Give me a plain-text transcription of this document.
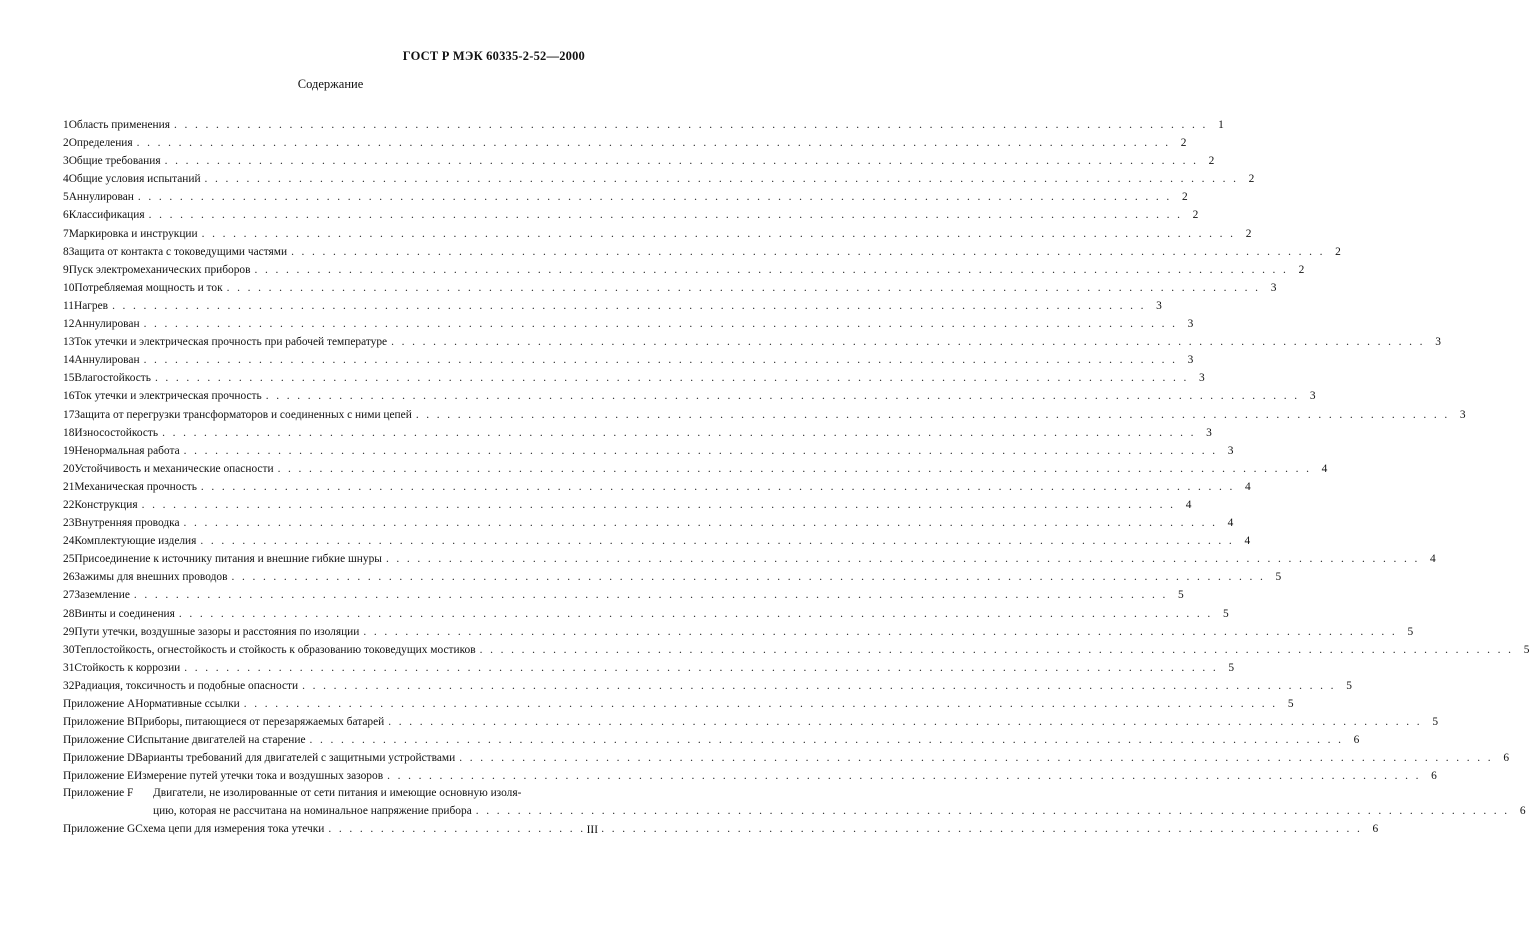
ГОСТ Р МЭК 60335-2-52—2000
Содержание
1 Область применения . . .	1
2 Определения . . .	2
3 Общие требования . . .	2
4 Общие условия испытаний . . .	2
5 Аннулирован . . .	2
6 Классификация . . .	2
7 Маркировка и инструкции . . .	2
8 Защита от контакта с токоведущими частями . . .	2
9 Пуск электромеханических приборов . . .	2
10 Потребляемая мощность и ток . . .	3
11 Нагрев . . .	3
12 Аннулирован . . .	3
13 Ток утечки и электрическая прочность при рабочей температуре . . .	3
14 Аннулирован . . .	3
15 Влагостойкость . . .	3
16 Ток утечки и электрическая прочность . . .	3
17 Защита от перегрузки трансформаторов и соединенных с ними цепей . . .	3
18 Износостойкость . . .	3
19 Ненормальная работа . . .	3
20 Устойчивость и механические опасности . . .	4
21 Механическая прочность . . .	4
22 Конструкция . . .	4
23 Внутренняя проводка . . .	4
24 Комплектующие изделия . . .	4
25 Присоединение к источнику питания и внешние гибкие шнуры . . .	4
26 Зажимы для внешних проводов . . .	5
27 Заземление . . .	5
28 Винты и соединения . . .	5
29 Пути утечки, воздушные зазоры и расстояния по изоляции . . .	5
30 Теплостойкость, огнестойкость и стойкость к образованию токоведущих мостиков . . .	5
31 Стойкость к коррозии . . .	5
32 Радиация, токсичность и подобные опасности . . .	5
Приложение A Нормативные ссылки . . .	5
Приложение B Приборы, питающиеся от перезаряжаемых батарей . . .	5
Приложение C Испытание двигателей на старение . . .	6
Приложение D Варианты требований для двигателей с защитными устройствами . . .	6
Приложение E Измерение путей утечки тока и воздушных зазоров . . .	6
Приложение F	Двигатели, не изолированные от сети питания и имеющие основную изоля-
цию, которая не рассчитана на номинальное напряжение прибора . . .	6
Приложение G Схема цепи для измерения тока утечки . . .	6
III
